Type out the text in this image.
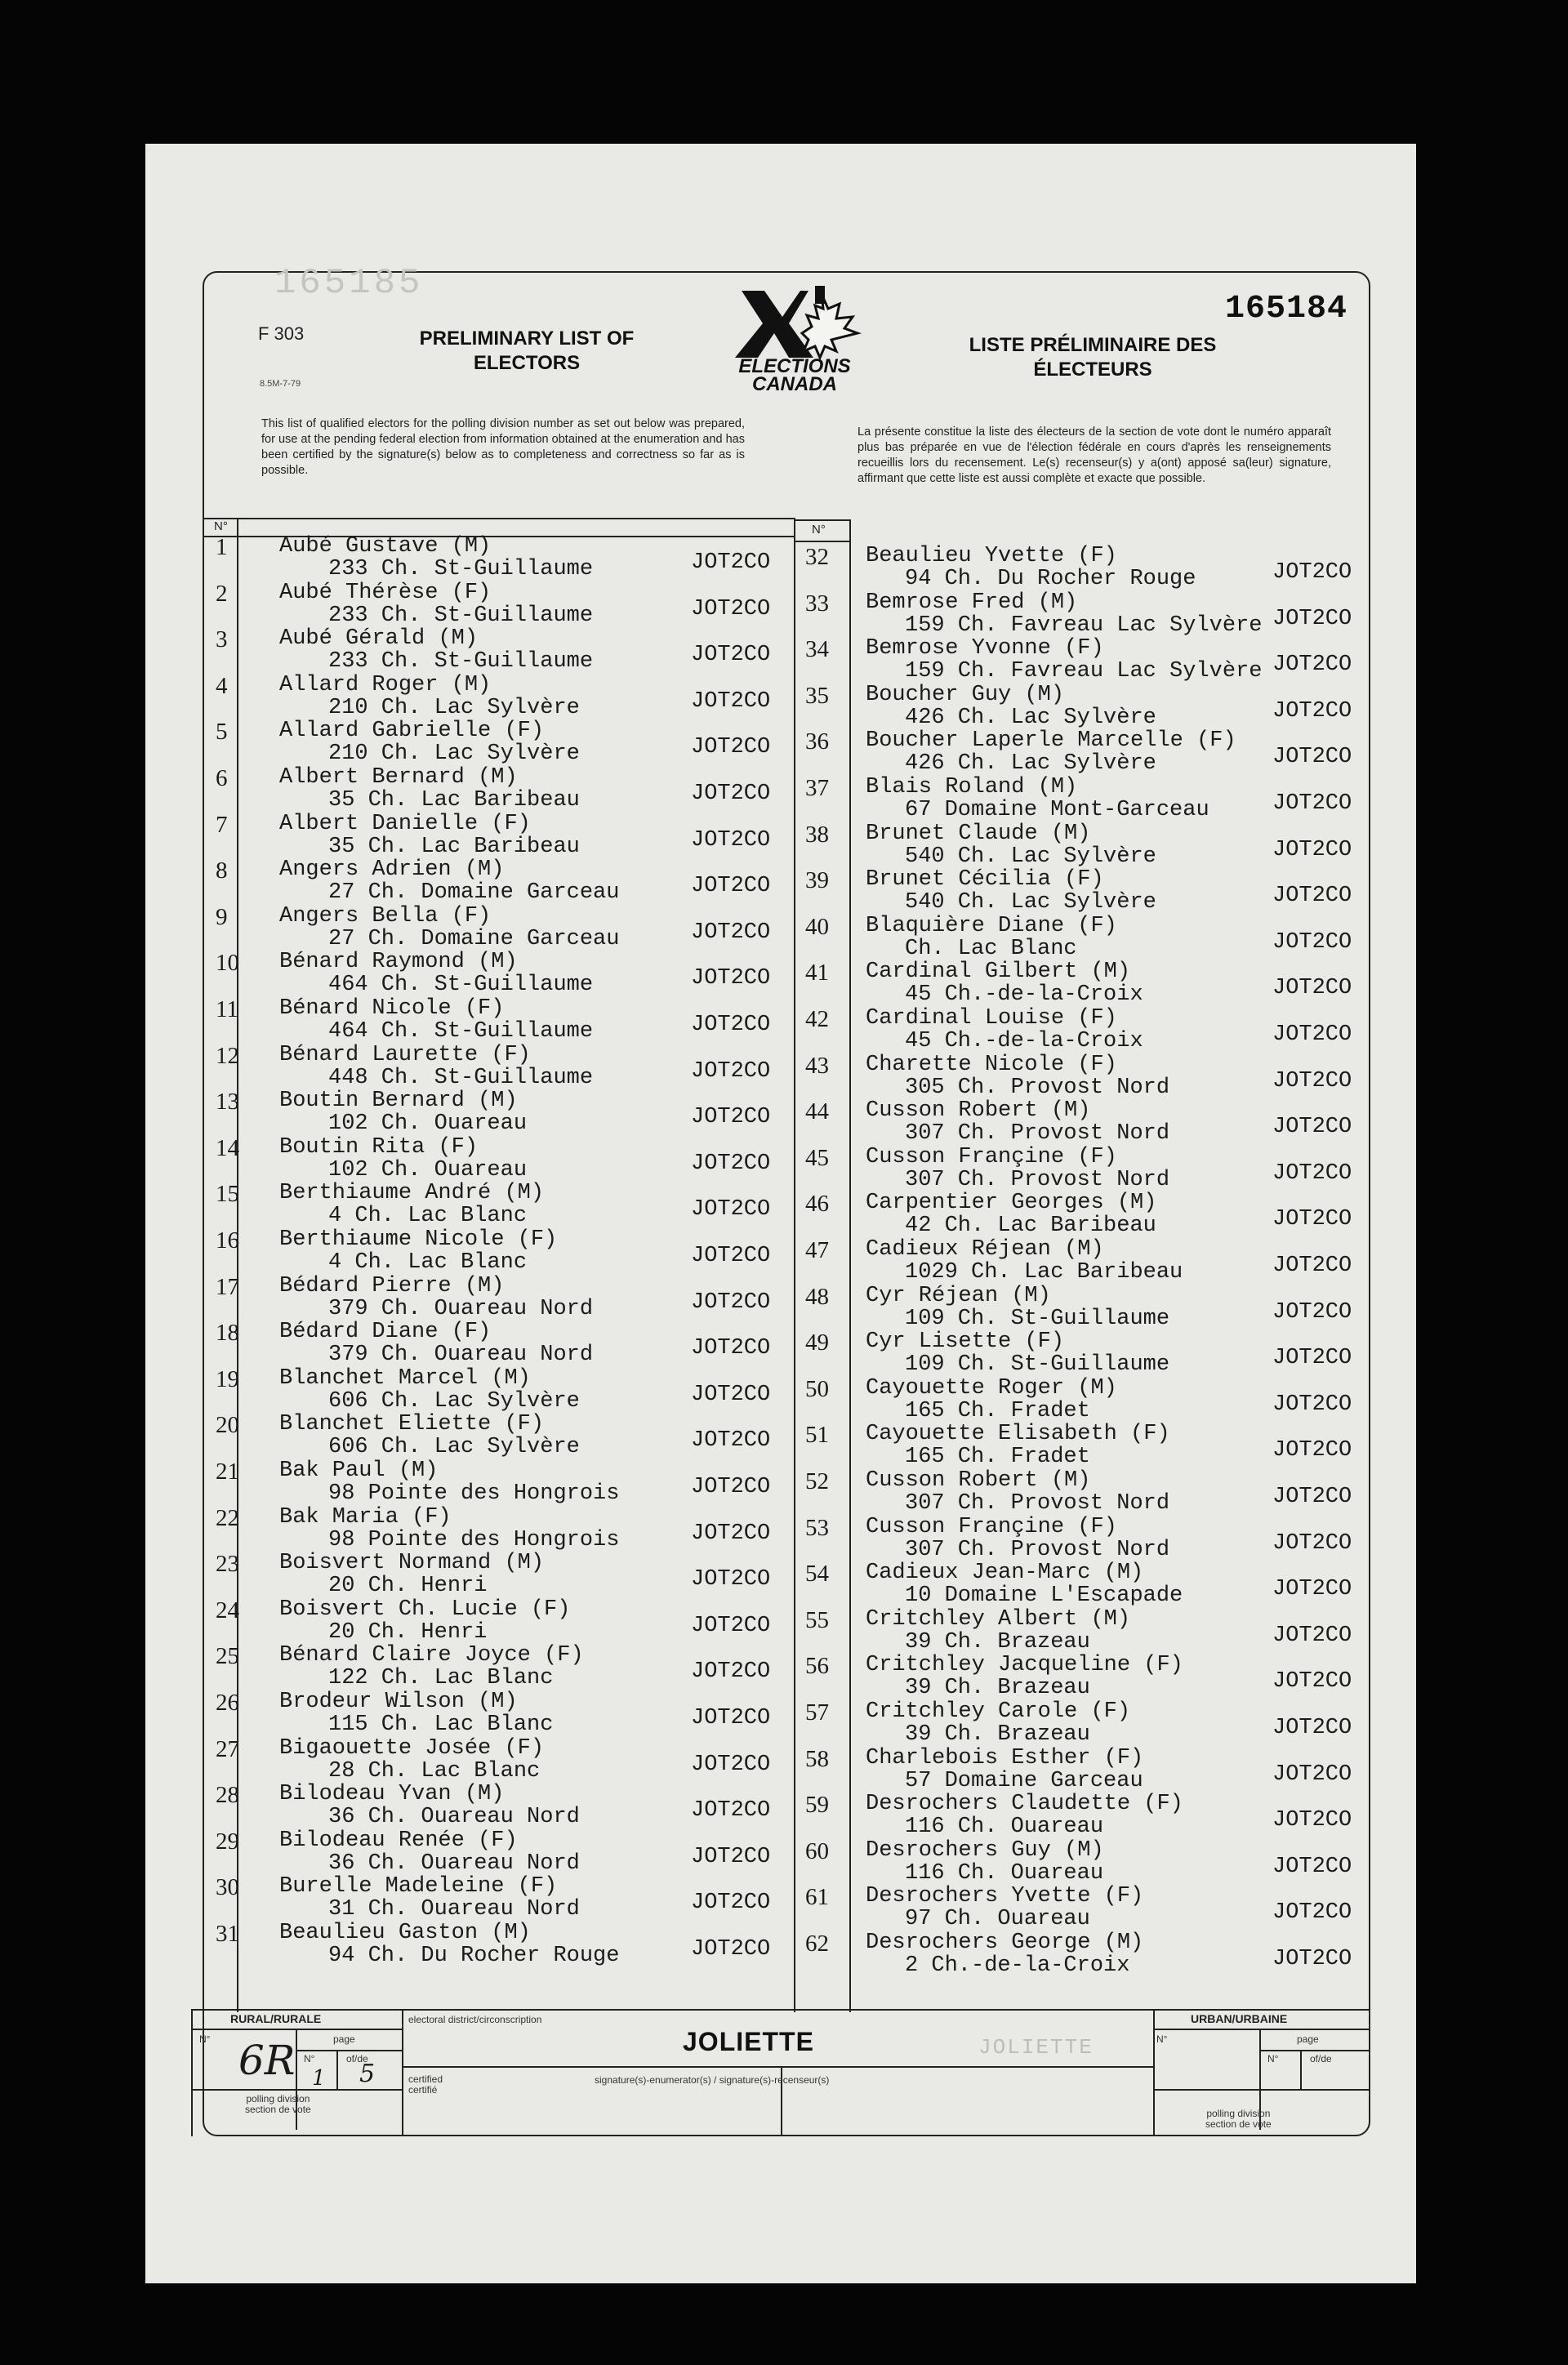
165185
165184
F 303
8.5M-7-79
PRELIMINARY LIST OF
ELECTORS
LISTE PRÉLIMINAIRE DES
ÉLECTEURS
ELECTIONS
CANADA
This list of qualified electors for the polling division number as set out below was prepared, for use at the pending federal election from information obtained at the enumeration and has been certified by the signature(s) below as to completeness and correctness so far as is possible.
La présente constitue la liste des électeurs de la section de vote dont le numéro apparaît plus bas préparée en vue de l'élection fédérale en cours d'après les renseignements recueillis lors du recensement. Le(s) recenseur(s) y a(ont) apposé sa(leur) signature, affirmant que cette liste est aussi complète et exacte que possible.
N°	N°
1 Aubé Gustave (M)
233 Ch. St-Guillaume	JOT2CO
2 Aubé Thérèse (F)
233 Ch. St-Guillaume	JOT2CO
3 Aubé Gérald (M)
233 Ch. St-Guillaume	JOT2CO
4 Allard Roger (M)
210 Ch. Lac Sylvère	JOT2CO
5 Allard Gabrielle (F)
210 Ch. Lac Sylvère	JOT2CO
6 Albert Bernard (M)
35 Ch. Lac Baribeau	JOT2CO
7 Albert Danielle (F)
35 Ch. Lac Baribeau	JOT2CO
8 Angers Adrien (M)
27 Ch. Domaine Garceau	JOT2CO
9 Angers Bella (F)
27 Ch. Domaine Garceau	JOT2CO
10 Bénard Raymond (M)
464 Ch. St-Guillaume	JOT2CO
11 Bénard Nicole (F)
464 Ch. St-Guillaume	JOT2CO
12 Bénard Laurette (F)
448 Ch. St-Guillaume	JOT2CO
13 Boutin Bernard (M)
102 Ch. Ouareau	JOT2CO
14 Boutin Rita (F)
102 Ch. Ouareau	JOT2CO
15 Berthiaume André (M)
4 Ch. Lac Blanc	JOT2CO
16 Berthiaume Nicole (F)
4 Ch. Lac Blanc	JOT2CO
17 Bédard Pierre (M)
379 Ch. Ouareau Nord	JOT2CO
18 Bédard Diane (F)
379 Ch. Ouareau Nord	JOT2CO
19 Blanchet Marcel (M)
606 Ch. Lac Sylvère	JOT2CO
20 Blanchet Eliette (F)
606 Ch. Lac Sylvère	JOT2CO
21 Bak Paul (M)
98 Pointe des Hongrois	JOT2CO
22 Bak Maria (F)
98 Pointe des Hongrois	JOT2CO
23 Boisvert Normand (M)
20 Ch. Henri	JOT2CO
24 Boisvert Ch. Lucie (F)
20 Ch. Henri	JOT2CO
25 Bénard Claire Joyce (F)
122 Ch. Lac Blanc	JOT2CO
26 Brodeur Wilson (M)
115 Ch. Lac Blanc	JOT2CO
27 Bigaouette Josée (F)
28 Ch. Lac Blanc	JOT2CO
28 Bilodeau Yvan (M)
36 Ch. Ouareau Nord	JOT2CO
29 Bilodeau Renée (F)
36 Ch. Ouareau Nord	JOT2CO
30 Burelle Madeleine (F)
31 Ch. Ouareau Nord	JOT2CO
31 Beaulieu Gaston (M)
94 Ch. Du Rocher Rouge	JOT2CO
32 Beaulieu Yvette (F)
94 Ch. Du Rocher Rouge	JOT2CO
33 Bemrose Fred (M)
159 Ch. Favreau Lac Sylvère JOT2CO
34 Bemrose Yvonne (F)
159 Ch. Favreau Lac Sylvère JOT2CO
35 Boucher Guy (M)
426 Ch. Lac Sylvère	JOT2CO
36 Boucher Laperle Marcelle (F)
426 Ch. Lac Sylvère	JOT2CO
37 Blais Roland (M)
67 Domaine Mont-Garceau	JOT2CO
38 Brunet Claude (M)
540 Ch. Lac Sylvère	JOT2CO
39 Brunet Cécilia (F)
540 Ch. Lac Sylvère	JOT2CO
40 Blaquière Diane (F)
Ch. Lac Blanc	JOT2CO
41 Cardinal Gilbert (M)
45 Ch.-de-la-Croix	JOT2CO
42 Cardinal Louise (F)
45 Ch.-de-la-Croix	JOT2CO
43 Charette Nicole (F)
305 Ch. Provost Nord	JOT2CO
44 Cusson Robert (M)
307 Ch. Provost Nord	JOT2CO
45 Cusson Françine (F)
307 Ch. Provost Nord	JOT2CO
46 Carpentier Georges (M)
42 Ch. Lac Baribeau	JOT2CO
47 Cadieux Réjean (M)
1029 Ch. Lac Baribeau	JOT2CO
48 Cyr Réjean (M)
109 Ch. St-Guillaume	JOT2CO
49 Cyr Lisette (F)
109 Ch. St-Guillaume	JOT2CO
50 Cayouette Roger (M)
165 Ch. Fradet	JOT2CO
51 Cayouette Elisabeth (F)
165 Ch. Fradet	JOT2CO
52 Cusson Robert (M)
307 Ch. Provost Nord	JOT2CO
53 Cusson Françine (F)
307 Ch. Provost Nord	JOT2CO
54 Cadieux Jean-Marc (M)
10 Domaine L'Escapade	JOT2CO
55 Critchley Albert (M)
39 Ch. Brazeau	JOT2CO
56 Critchley Jacqueline (F)
39 Ch. Brazeau	JOT2CO
57 Critchley Carole (F)
39 Ch. Brazeau	JOT2CO
58 Charlebois Esther (F)
57 Domaine Garceau	JOT2CO
59 Desrochers Claudette (F)
116 Ch. Ouareau	JOT2CO
60 Desrochers Guy (M)
116 Ch. Ouareau	JOT2CO
61 Desrochers Yvette (F)
97 Ch. Ouareau	JOT2CO
62 Desrochers George (M)
2 Ch.-de-la-Croix	JOT2CO
RURAL/RURALE
N°	page
N°	of/de
polling division
section de vote
6R 1 5
electoral district/circonscription
JOLIETTE	JOLIETTE
certified
certifié
signature(s)-enumerator(s) / signature(s)-recenseur(s)
URBAN/URBAINE
N°	page
N°	of/de
polling division
section de vote
